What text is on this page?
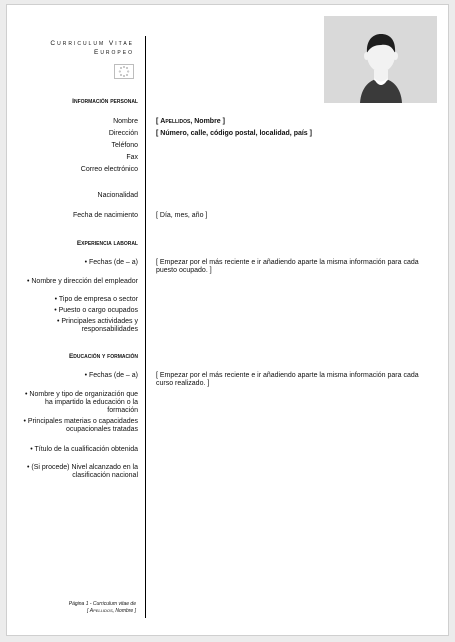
Curriculum Vitae
Europeo
Información personal
Nombre	[ Apellidos, Nombre ]
Dirección	[ Número, calle, código postal, localidad, país ]
Teléfono
Fax
Correo electrónico
Nacionalidad
Fecha de nacimiento	[ Día, mes, año ]
Experiencia laboral
• Fechas (de – a)	[ Empezar por el más reciente e ir añadiendo aparte la misma información para cada puesto ocupado. ]
• Nombre y dirección del empleador
• Tipo de empresa o sector
• Puesto o cargo ocupados
• Principales actividades y responsabilidades
Educación y formación
• Fechas (de – a)	[ Empezar por el más reciente e ir añadiendo aparte la misma información para cada curso realizado. ]
• Nombre y tipo de organización que ha impartido la educación o la formación
• Principales materias o capacidades ocupacionales tratadas
• Título de la cualificación obtenida
• (Si procede) Nivel alcanzado en la clasificación nacional
Página 1 - Curriculum vitae de
[ Apellidos, Nombre ]
